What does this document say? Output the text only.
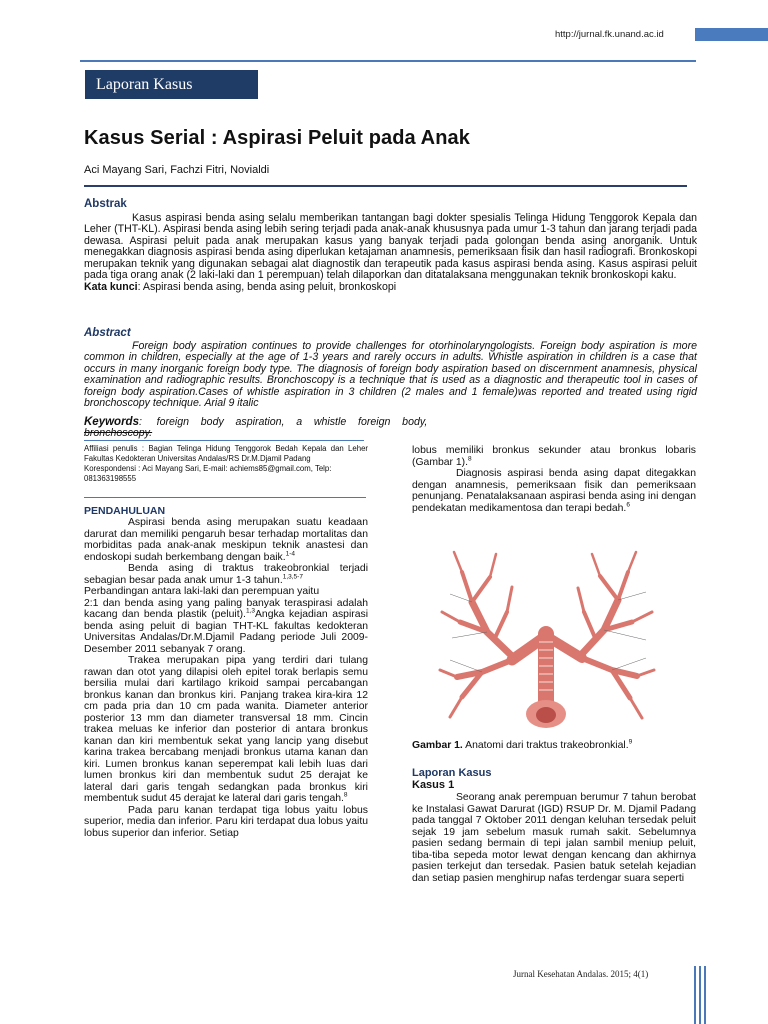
http://jurnal.fk.unand.ac.id
Laporan Kasus
Kasus Serial : Aspirasi Peluit pada Anak
Aci Mayang Sari, Fachzi Fitri, Novialdi
Abstrak

Kasus aspirasi benda asing selalu memberikan tantangan bagi dokter spesialis Telinga Hidung Tenggorok Kepala dan Leher (THT-KL). Aspirasi benda asing lebih sering terjadi pada anak-anak khususnya pada umur 1-3 tahun dan jarang terjadi pada dewasa. Aspirasi peluit pada anak merupakan kasus yang banyak terjadi pada golongan benda asing anorganik. Untuk menegakkan diagnosis aspirasi benda asing diperlukan ketajaman anamnesis, pemeriksaan fisik dan hasil radiografi. Bronkoskopi merupakan teknik yang digunakan sebagai alat diagnostik dan terapeutik pada kasus aspirasi benda asing. Kasus aspirasi peluit pada tiga orang anak (2 laki-laki dan 1 perempuan) telah dilaporkan dan ditatalaksana menggunakan teknik bronkoskopi kaku.

Kata kunci: Aspirasi benda asing, benda asing peluit, bronkoskopi

Abstract

Foreign body aspiration continues to provide challenges for otorhinolaryngologists. Foreign body aspiration is more common in children, especially at the age of 1-3 years and rarely occurs in adults. Whistle aspiration in children is a case that occurs in many inorganic foreign body type. The diagnosis of foreign body aspiration based on discernment anamnesis, physical examination and radiographic results. Bronchoscopy is a technique that is used as a diagnostic and therapeutic tool in cases of foreign body aspiration.Cases of whistle aspiration in 3 children (2 males and 1 female)was reported and treated using rigid bronchoscopy technique. Arial 9 italic

Keywords:     foreign    body    aspiration,    a    whistle    foreign    body,
bronchoscopy.
Affiliasi penulis : Bagian Telinga Hidung Tenggorok Bedah Kepala dan Leher Fakultas Kedokteran Universitas Andalas/RS Dr.M.Djamil Padang
Korespondensi : Aci Mayang Sari, E-mail: achiems85@gmail.com, Telp: 081363198555
PENDAHULUAN

Aspirasi benda asing merupakan suatu keadaan darurat dan memiliki pengaruh besar terhadap mortalitas dan morbiditas pada anak-anak meskipun teknik anastesi dan endoskopi sudah berkembang dengan baik.$^{1-4}$

Benda asing di traktus trakeobronkial terjadi sebagian besar pada anak umur 1-3 tahun.$^{1,3,5-7}$

Perbandingan antara laki-laki dan perempuan yaitu

2:1 dan benda asing yang paling banyak teraspirasi adalah kacang dan benda plastik (peluit).$^{1,3}$Angka kejadian aspirasi benda asing peluit di bagian THT-KL fakultas kedokteran Universitas Andalas/Dr.M.Djamil Padang periode Juli 2009-Desember 2011 sebanyak 7 orang.

Trakea merupakan pipa yang terdiri dari tulang rawan dan otot yang dilapisi oleh epitel torak berlapis semu bersilia mulai dari kartilago krikoid sampai percabangan bronkus kanan dan bronkus kiri. Panjang trakea kira-kira 12 cm pada pria dan 10 cm pada wanita. Diameter anterior posterior 13 mm dan diameter transversal 18 mm. Cincin trakea meluas ke inferior dan posterior di antara bronkus kanan dan kiri membentuk sekat yang lancip yang disebut karina trakea bercabang menjadi bronkus utama kanan dan kiri. Lumen bronkus kanan seperempat kali lebih luas dari lumen bronkus kiri dan membentuk sudut 25 derajat ke lateral dari garis tengah sedangkan pada bronkus kiri membentuk sudut 45 derajat ke lateral dari garis tengah.$^8$

Pada paru kanan terdapat tiga lobus yaitu lobus superior, media dan inferior. Paru kiri terdapat dua lobus yaitu lobus superior dan inferior. Setiap

lobus memiliki bronkus sekunder atau bronkus lobaris (Gambar 1).$^8$

Diagnosis aspirasi benda asing dapat ditegakkan dengan anamnesis, pemeriksaan fisik dan pemeriksaan penunjang. Penatalaksanaan aspirasi benda asing ini dengan pendekatan medikamentosa dan terapi bedah.$^6$

Gambar 1. Anatomi dari traktus trakeobronkial.$^9$
Laporan Kasus
Kasus 1

Seorang anak perempuan berumur 7 tahun berobat ke Instalasi Gawat Darurat (IGD) RSUP Dr. M. Djamil Padang pada tanggal 7 Oktober 2011 dengan keluhan tersedak peluit sejak 19 jam sebelum masuk rumah sakit. Sebelumnya pasien sedang bermain di tepi jalan sambil meniup peluit, tiba-tiba sepeda motor lewat dengan kencang dan akhirnya pasien terkejut dan tersedak. Pasien batuk setelah kejadian dan setiap pasien menghirup nafas terdengar suara seperti

Jurnal Kesehatan Andalas. 2015; 4(1)
